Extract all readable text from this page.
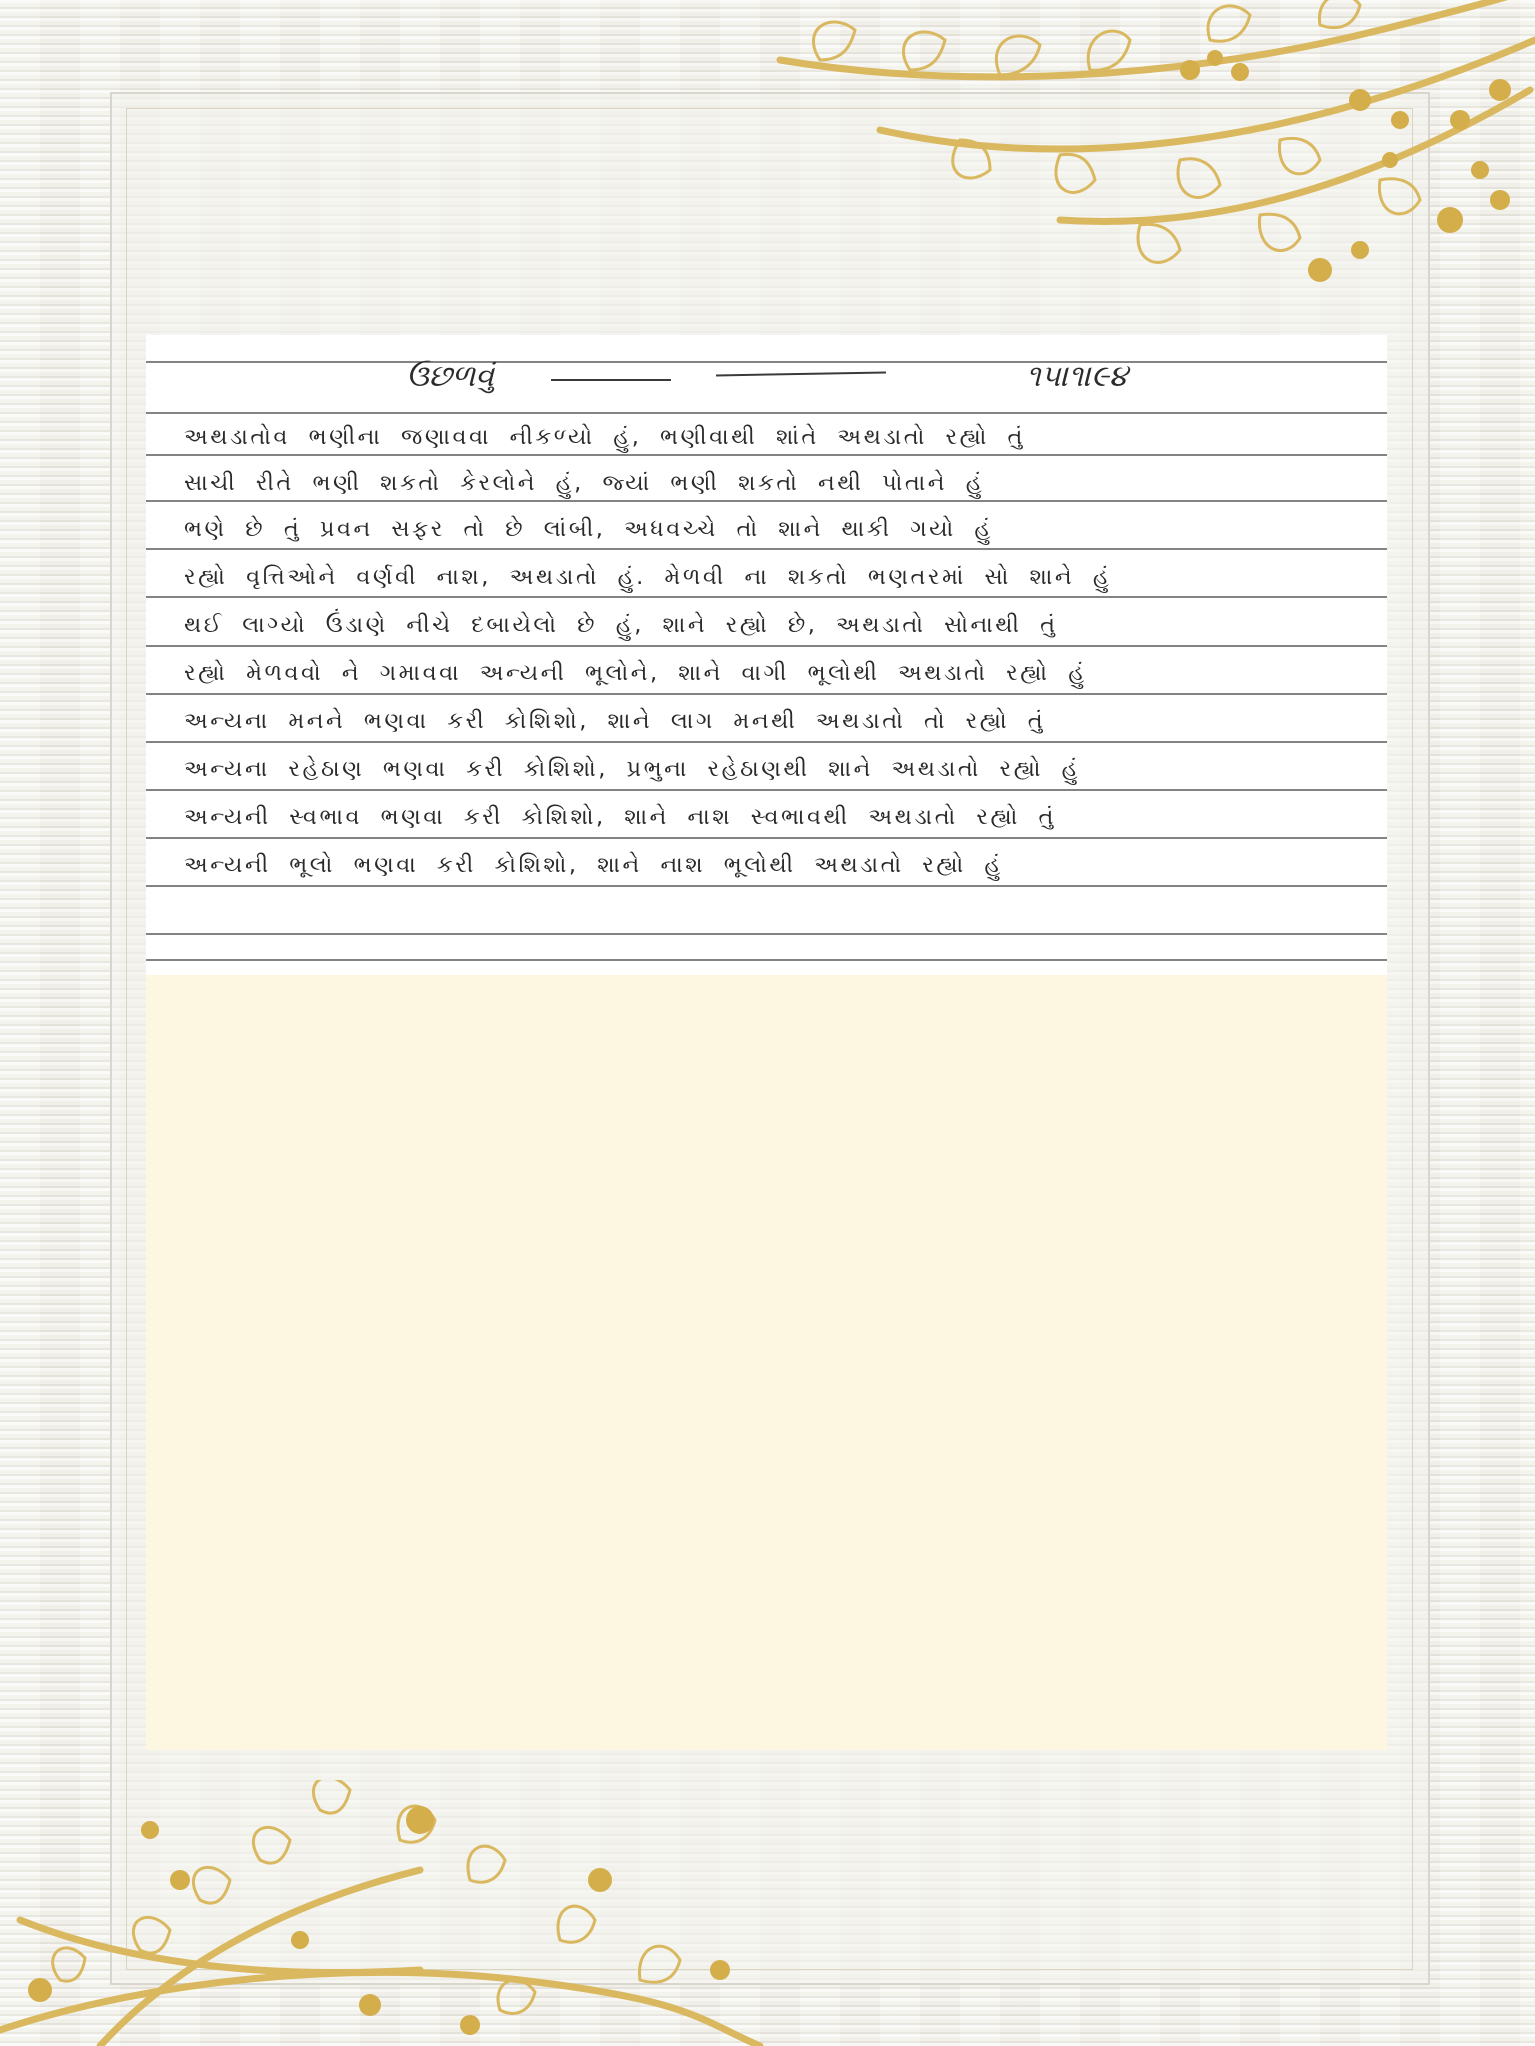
ઉછળવું	૧૫।૧।૯૪
અથડાતોવ ભણીના જણાવવા નીકળ્યો હું, ભણીવાથી શાંતે અથડાતો રહ્યો તું
સાચી રીતે ભણી શકતો કેરલોને હું, જ્યાં ભણી શકતો નથી પોતાને હું
ભણે છે તું પ્રવન સફર તો છે લાંબી, અધવચ્ચે તો શાને થાકી ગયો હું
રહ્યો વૃત્તિઓને વર્ણવી નાશ, અથડાતો હું. મેળવી ના શકતો ભણતરમાં સો શાને હું
થઈ લાગ્યો ઉંડાણે નીચે દબાયેલો છે હું, શાને રહ્યો છે, અથડાતો સોનાથી તું
રહ્યો મેળવવો ને ગમાવવા અન્યની ભૂલોને, શાને વાગી ભૂલોથી અથડાતો રહ્યો હું
અન્યના મનને ભણવા કરી કોશિશો, શાને લાગ મનથી અથડાતો તો રહ્યો તું
અન્યના રહેઠાણ ભણવા કરી કોશિશો, પ્રભુના રહેઠાણથી શાને અથડાતો રહ્યો હું
અન્યની સ્વભાવ ભણવા કરી કોશિશો, શાને નાશ સ્વભાવથી અથડાતો રહ્યો તું
અન્યની ભૂલો ભણવા કરી કોશિશો, શાને નાશ ભૂલોથી અથડાતો રહ્યો હું
